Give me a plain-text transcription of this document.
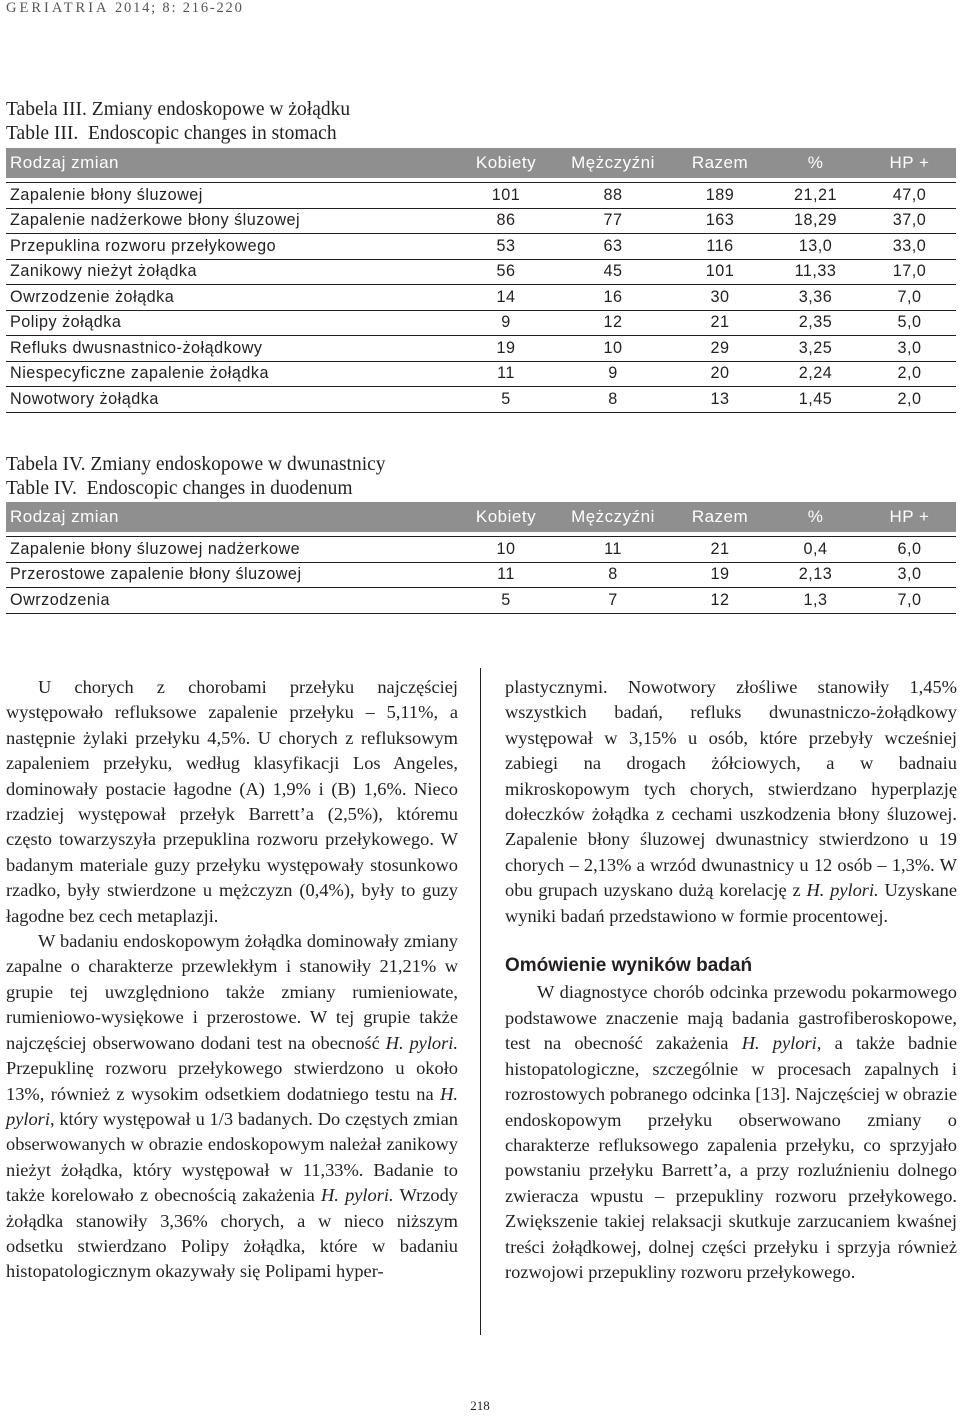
GERIATRIA 2014; 8: 216-220
Tabela III. Zmiany endoskopowe w żołądku
Table III.  Endoscopic changes in stomach
Rodzaj zmian	Kobiety	Mężczyźni	Razem	%	HP +

Zapalenie błony śluzowej	101	88	189	21,21	47,0
Zapalenie nadżerkowe błony śluzowej	86	77	163	18,29	37,0
Przepuklina rozworu przełykowego	53	63	116	13,0	33,0
Zanikowy nieżyt żołądka	56	45	101	11,33	17,0
Owrzodzenie żołądka	14	16	30	3,36	7,0
Polipy żołądka	9	12	21	2,35	5,0
Refluks dwusnastnico-żołądkowy	19	10	29	3,25	3,0
Niespecyficzne zapalenie żołądka	11	9	20	2,24	2,0
Nowotwory żołądka	5	8	13	1,45	2,0
Tabela IV. Zmiany endoskopowe w dwunastnicy
Table IV.  Endoscopic changes in duodenum
Rodzaj zmian	Kobiety	Mężczyźni	Razem	%	HP +

Zapalenie błony śluzowej nadżerkowe	10	11	21	0,4	6,0
Przerostowe zapalenie błony śluzowej	11	8	19	2,13	3,0
Owrzodzenia	5	7	12	1,3	7,0

U chorych z chorobami przełyku najczęściej występowało refluksowe zapalenie przełyku – 5,11%, a następnie żylaki przełyku 4,5%. U chorych z refluksowym zapaleniem przełyku, według klasyfikacji Los Angeles, dominowały postacie łagodne (A) 1,9% i (B) 1,6%. Nieco rzadziej występował przełyk Barrett’a (2,5%), któremu często towarzyszyła przepuklina rozworu przełykowego. W badanym materiale guzy przełyku występowały stosunkowo rzadko, były stwierdzone u mężczyzn (0,4%), były to guzy łagodne bez cech metaplazji.

W badaniu endoskopowym żołądka dominowały zmiany zapalne o charakterze przewlekłym i stanowiły 21,21% w grupie tej uwzględniono także zmiany rumieniowate, rumieniowo-wysiękowe i przerostowe. W tej grupie także najczęściej obserwowano dodani test na obecność H. pylori. Przepuklinę rozworu przełykowego stwierdzono u około 13%, również z wysokim odsetkiem dodatniego testu na H. pylori, który występował u 1/3 badanych. Do częstych zmian obserwowanych w obrazie endoskopowym należał zanikowy nieżyt żołądka, który występował w 11,33%. Badanie to także korelowało z obecnością zakażenia H. pylori. Wrzody żołądka stanowiły 3,36% chorych, a w nieco niższym odsetku stwierdzano Polipy żołądka, które w badaniu histopatologicznym okazywały się Polipami hyper-

plastycznymi. Nowotwory złośliwe stanowiły 1,45% wszystkich badań, refluks dwunastniczo-żołądkowy występował w 3,15% u osób, które przebyły wcześniej zabiegi na drogach żółciowych, a w badnaiu mikroskopowym tych chorych, stwierdzano hyperplazję dołeczków żołądka z cechami uszkodzenia błony śluzowej. Zapalenie błony śluzowej dwunastnicy stwierdzono u 19 chorych – 2,13% a wrzód dwunastnicy u 12 osób – 1,3%. W obu grupach uzyskano dużą korelację z H. pylori. Uzyskane wyniki badań przedstawiono w formie procentowej.

Omówienie wyników badań

W diagnostyce chorób odcinka przewodu pokarmowego podstawowe znaczenie mają badania gastrofiberoskopowe, test na obecność zakażenia H. pylori, a także badnie histopatologiczne, szczególnie w procesach zapalnych i rozrostowych pobranego odcinka [13]. Najczęściej w obrazie endoskopowym przełyku obserwowano zmiany o charakterze refluksowego zapalenia przełyku, co sprzyjało powstaniu przełyku Barrett’a, a przy rozluźnieniu dolnego zwieracza wpustu – przepukliny rozworu przełykowego. Zwiększenie takiej relaksacji skutkuje zarzucaniem kwaśnej treści żołądkowej, dolnej części przełyku i sprzyja również rozwojowi przepukliny rozworu przełykowego.

218
